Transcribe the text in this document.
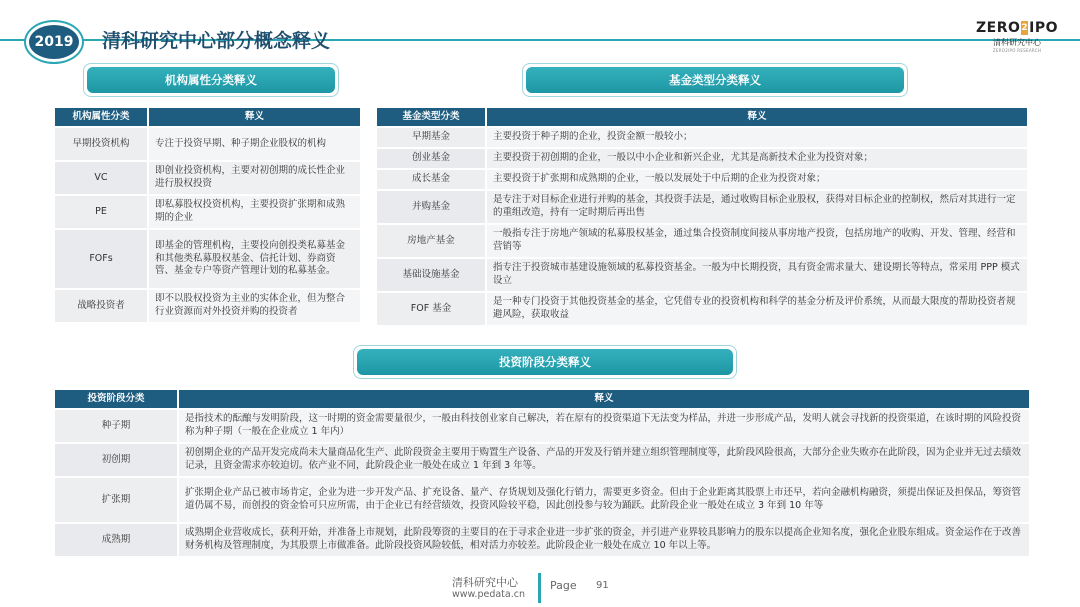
2019 清科研究中心部分概念释义
ZERO 2 IPO
清科研究中心
ZERO2IPO RESEARCH
机构属性分类释义	基金类型分类释义
投资阶段分类释义
机构属性分类	释义
早期投资机构	专注于投资早期、种子期企业股权的机构
VC	即创业投资机构，主要对初创期的成长性企业进行股权投资
PE	即私募股权投资机构，主要投资扩张期和成熟期的企业
FOFs	即基金的管理机构，主要投向创投类私募基金和其他类私募股权基金、信托计划、券商资管、基金专户等资产管理计划的私募基金。
战略投资者	即不以股权投资为主业的实体企业，但为整合行业资源而对外投资并购的投资者
基金类型分类	释义
早期基金	主要投资于种子期的企业，投资金额一般较小；
创业基金	主要投资于初创期的企业，一般以中小企业和新兴企业，尤其是高新技术企业为投资对象；
成长基金	主要投资于扩张期和成熟期的企业，一般以发展处于中后期的企业为投资对象；
并购基金	是专注于对目标企业进行并购的基金，其投资手法是，通过收购目标企业股权，获得对目标企业的控制权，然后对其进行一定的重组改造，持有一定时期后再出售
房地产基金	一般指专注于房地产领域的私募股权基金，通过集合投资制度间接从事房地产投资，包括房地产的收购、开发、管理、经营和营销等
基础设施基金	指专注于投资城市基建设施领域的私募投资基金。一般为中长期投资，具有资金需求量大、建设期长等特点，常采用 PPP 模式设立
FOF 基金	是一种专门投资于其他投资基金的基金，它凭借专业的投资机构和科学的基金分析及评价系统，从而最大限度的帮助投资者规避风险，获取收益
投资阶段分类	释义
种子期	是指技术的酝酿与发明阶段，这一时期的资金需要量很少，一般由科技创业家自己解决，若在原有的投资渠道下无法变为样品，并进一步形成产品，发明人就会寻找新的投资渠道，在该时期的风险投资称为种子期（一般在企业成立 1 年内）
初创期	初创期企业的产品开发完成尚未大量商品化生产、此阶段资金主要用于购置生产设备、产品的开发及行销并建立组织管理制度等，此阶段风险很高，大部分企业失败亦在此阶段，因为企业并无过去绩效记录，且资金需求亦较迫切。依产业不同，此阶段企业一般处在成立 1 年到 3 年等。
扩张期	扩张期企业产品已被市场肯定，企业为进一步开发产品、扩充设备、量产、存货规划及强化行销力，需要更多资金。但由于企业距离其股票上市还早，若向金融机构融资，须提出保证及担保品，筹资管道仍属不易，而创投的资金恰可只应所需，由于企业已有经营绩效，投资风险较平稳，因此创投参与较为踊跃。此阶段企业一般处在成立 3 年到 10 年等
成熟期	成熟期企业营收成长，获利开始，并准备上市规划，此阶段筹资的主要目的在于寻求企业进一步扩张的资金，并引进产业界较具影响力的股东以提高企业知名度，强化企业股东组成。资金运作在于改善财务机构及管理制度，为其股票上市做准备。此阶段投资风险较低，相对活力亦较差。此阶段企业一般处在成立 10 年以上等。
清科研究中心
www.pedata.cn
Page 91
